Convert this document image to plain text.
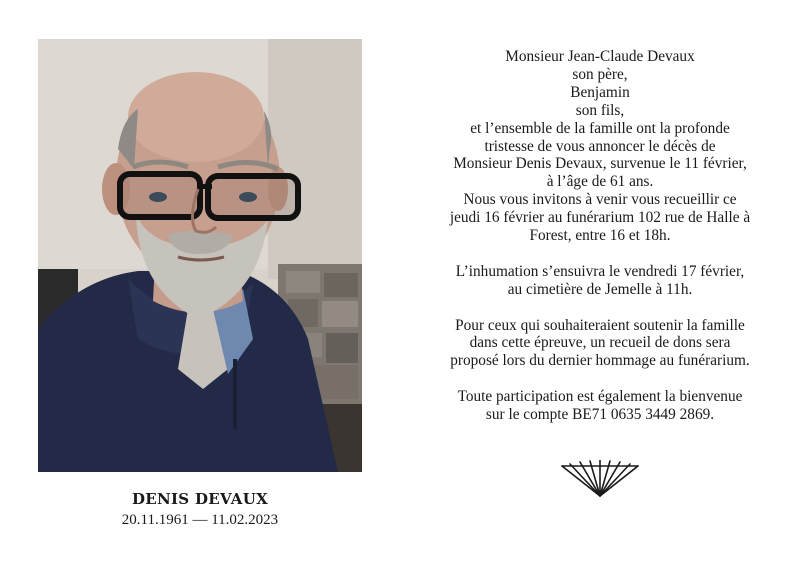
DENIS DEVAUX
20.11.1961 — 11.02.2023

Monsieur Jean-Claude Devaux
son père,
Benjamin
son fils,
et l’ensemble de la famille ont la profonde
tristesse de vous annoncer le décès de
Monsieur Denis Devaux, survenue le 11 février,
à l’âge de 61 ans.
Nous vous invitons à venir vous recueillir ce
jeudi 16 février au funérarium 102 rue de Halle à
Forest, entre 16 et 18h.

L’inhumation s’ensuivra le vendredi 17 février,
au cimetière de Jemelle à 11h.

Pour ceux qui souhaiteraient soutenir la famille
dans cette épreuve, un recueil de dons sera
proposé lors du dernier hommage au funérarium.

Toute participation est également la bienvenue
sur le compte BE71 0635 3449 2869.
